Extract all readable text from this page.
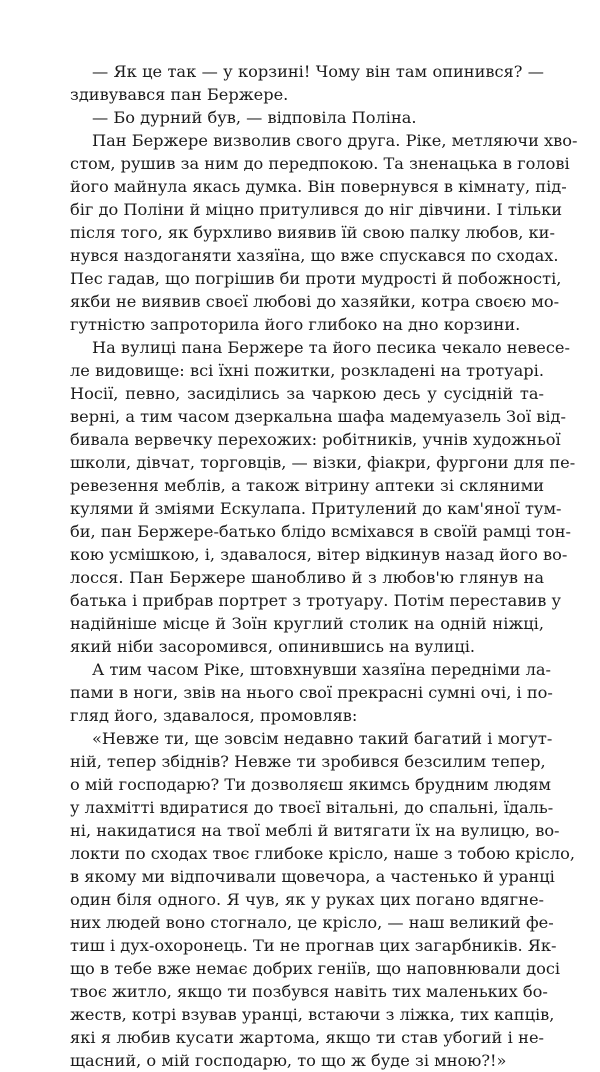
— Як це так — у корзині! Чому він там опинився? —
здивувався пан Бержере.
— Бо дурний був, — відповіла Поліна.
Пан Бержере визволив свого друга. Ріке, метляючи хво-
стом, рушив за ним до передпокою. Та зненацька в голові
його майнула якась думка. Він повернувся в кімнату, під-
біг до Поліни й міцно притулився до ніг дівчини. І тільки
після того, як бурхливо виявив їй свою палку любов, ки-
нувся наздоганяти хазяїна, що вже спускався по сходах.
Пес гадав, що погрішив би проти мудрості й побожності,
якби не виявив своєї любові до хазяйки, котра своєю мо-
гутністю запроторила його глибоко на дно корзини.
На вулиці пана Бержере та його песика чекало невесе-
ле видовище: всі їхні пожитки, розкладені на тротуарі.
Носії, певно, засиділись за чаркою десь у сусідній та-
верні, а тим часом дзеркальна шафа мадемуазель Зої від-
бивала вервечку перехожих: робітників, учнів художньої
школи, дівчат, торговців, — візки, фіакри, фургони для пе-
ревезення меблів, а також вітрину аптеки зі скляними
кулями й зміями Ескулапа. Притулений до кам'яної тум-
би, пан Бержере-батько блідо всміхався в своїй рамці тон-
кою усмішкою, і, здавалося, вітер відкинув назад його во-
лосся. Пан Бержере шанобливо й з любов'ю глянув на
батька і прибрав портрет з тротуару. Потім переставив у
надійніше місце й Зоїн круглий столик на одній ніжці,
який ніби засоромився, опинившись на вулиці.
А тим часом Ріке, штовхнувши хазяїна передніми ла-
пами в ноги, звів на нього свої прекрасні сумні очі, і по-
гляд його, здавалося, промовляв:
«Невже ти, ще зовсім недавно такий багатий і могут-
ній, тепер збіднів? Невже ти зробився безсилим тепер,
о мій господарю? Ти дозволяєш якимсь брудним людям
у лахмітті вдиратися до твоєї вітальні, до спальні, їдаль-
ні, накидатися на твої меблі й витягати їх на вулицю, во-
локти по сходах твоє глибоке крісло, наше з тобою крісло,
в якому ми відпочивали щовечора, а частенько й уранці
один біля одного. Я чув, як у руках цих погано вдягне-
них людей воно стогнало, це крісло, — наш великий фе-
тиш і дух-охоронець. Ти не прогнав цих загарбників. Як-
що в тебе вже немає добрих геніїв, що наповнювали досі
твоє житло, якщо ти позбувся навіть тих маленьких бо-
жеств, котрі взував уранці, встаючи з ліжка, тих капців,
які я любив кусати жартома, якщо ти став убогий і не-
щасний, о мій господарю, то що ж буде зі мною?!»
